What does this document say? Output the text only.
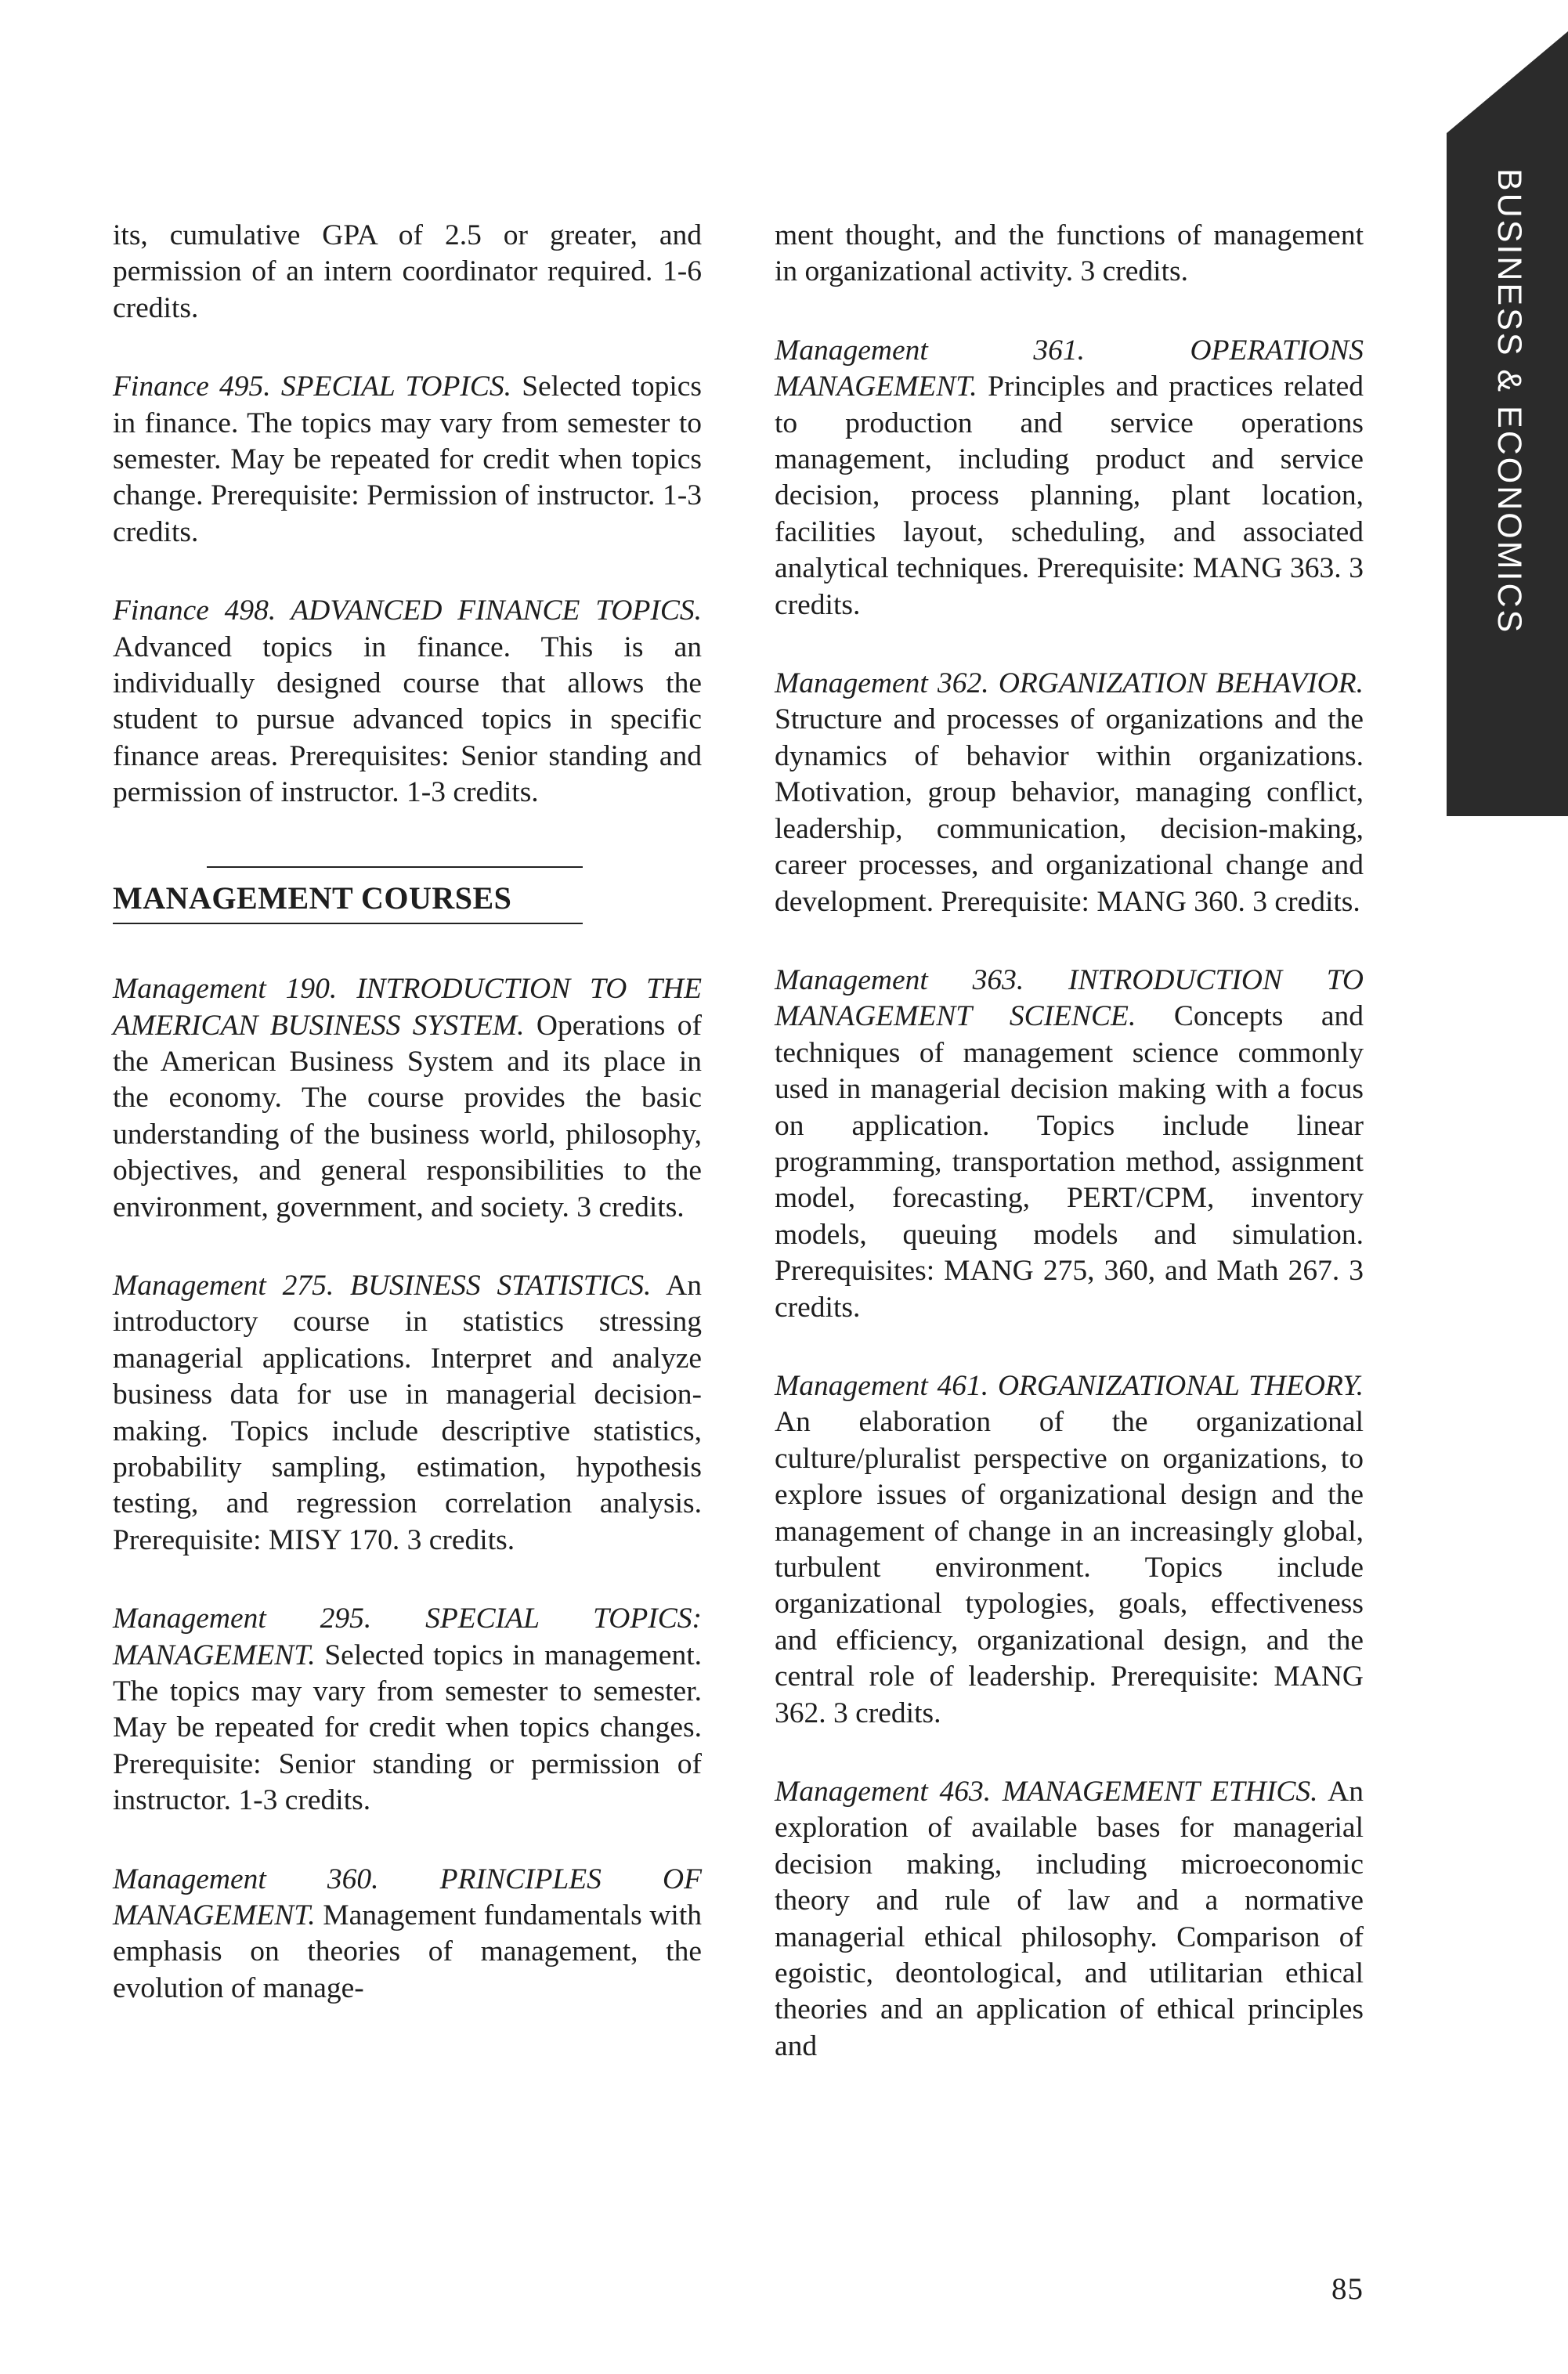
BUSINESS & ECONOMICS

its, cumulative GPA of 2.5 or greater, and permission of an intern coordinator required. 1-6 credits.

Finance 495. SPECIAL TOPICS. Selected topics in finance. The topics may vary from semester to semester. May be repeated for credit when topics change. Prerequisite: Permission of instructor. 1-3 credits.

Finance 498. ADVANCED FINANCE TOPICS. Advanced topics in finance. This is an individually designed course that allows the student to pursue advanced topics in specific finance areas. Prerequisites: Senior standing and permission of instructor. 1-3 credits.

MANAGEMENT COURSES

Management 190. INTRODUCTION TO THE AMERICAN BUSINESS SYSTEM. Operations of the American Business System and its place in the economy. The course provides the basic understanding of the business world, philosophy, objectives, and general responsibilities to the environment, government, and society. 3 credits.

Management 275. BUSINESS STATISTICS. An introductory course in statistics stressing managerial applications. Interpret and analyze business data for use in managerial decision-making. Topics include descriptive statistics, probability sampling, estimation, hypothesis testing, and regression correlation analysis. Prerequisite: MISY 170. 3 credits.

Management 295. SPECIAL TOPICS: MANAGEMENT. Selected topics in management. The topics may vary from semester to semester. May be repeated for credit when topics changes. Prerequisite: Senior standing or permission of instructor. 1-3 credits.

Management 360. PRINCIPLES OF MANAGEMENT. Management fundamentals with emphasis on theories of management, the evolution of manage-

ment thought, and the functions of management in organizational activity. 3 credits.

Management 361.	OPERATIONS MANAGEMENT. Principles and practices related to production and service operations management, including product and service decision, process planning, plant location, facilities layout, scheduling, and associated analytical techniques. Prerequisite: MANG 363. 3 credits.

Management 362. ORGANIZATION BEHAVIOR. Structure and processes of organizations and the dynamics of behavior within organizations. Motivation, group behavior, managing conflict, leadership, communication, decision-making, career processes, and organizational change and development. Prerequisite: MANG 360. 3 credits.

Management 363. INTRODUCTION TO MANAGEMENT SCIENCE. Concepts and techniques of management science commonly used in managerial decision making with a focus on application. Topics include linear programming, transportation method, assignment model, forecasting, PERT/CPM, inventory models, queuing models and simulation. Prerequisites: MANG 275, 360, and Math 267. 3 credits.

Management 461. ORGANIZATIONAL THEORY. An elaboration of the organizational culture/pluralist perspective on organizations, to explore issues of organizational design and the management of change in an increasingly global, turbulent environment. Topics include organizational typologies, goals, effectiveness and efficiency, organizational design, and the central role of leadership. Prerequisite: MANG 362. 3 credits.

Management 463. MANAGEMENT ETHICS. An exploration of available bases for managerial decision making, including microeconomic theory and rule of law and a normative managerial ethical philosophy. Comparison of egoistic, deontological, and utilitarian ethical theories and an application of ethical principles and

85
